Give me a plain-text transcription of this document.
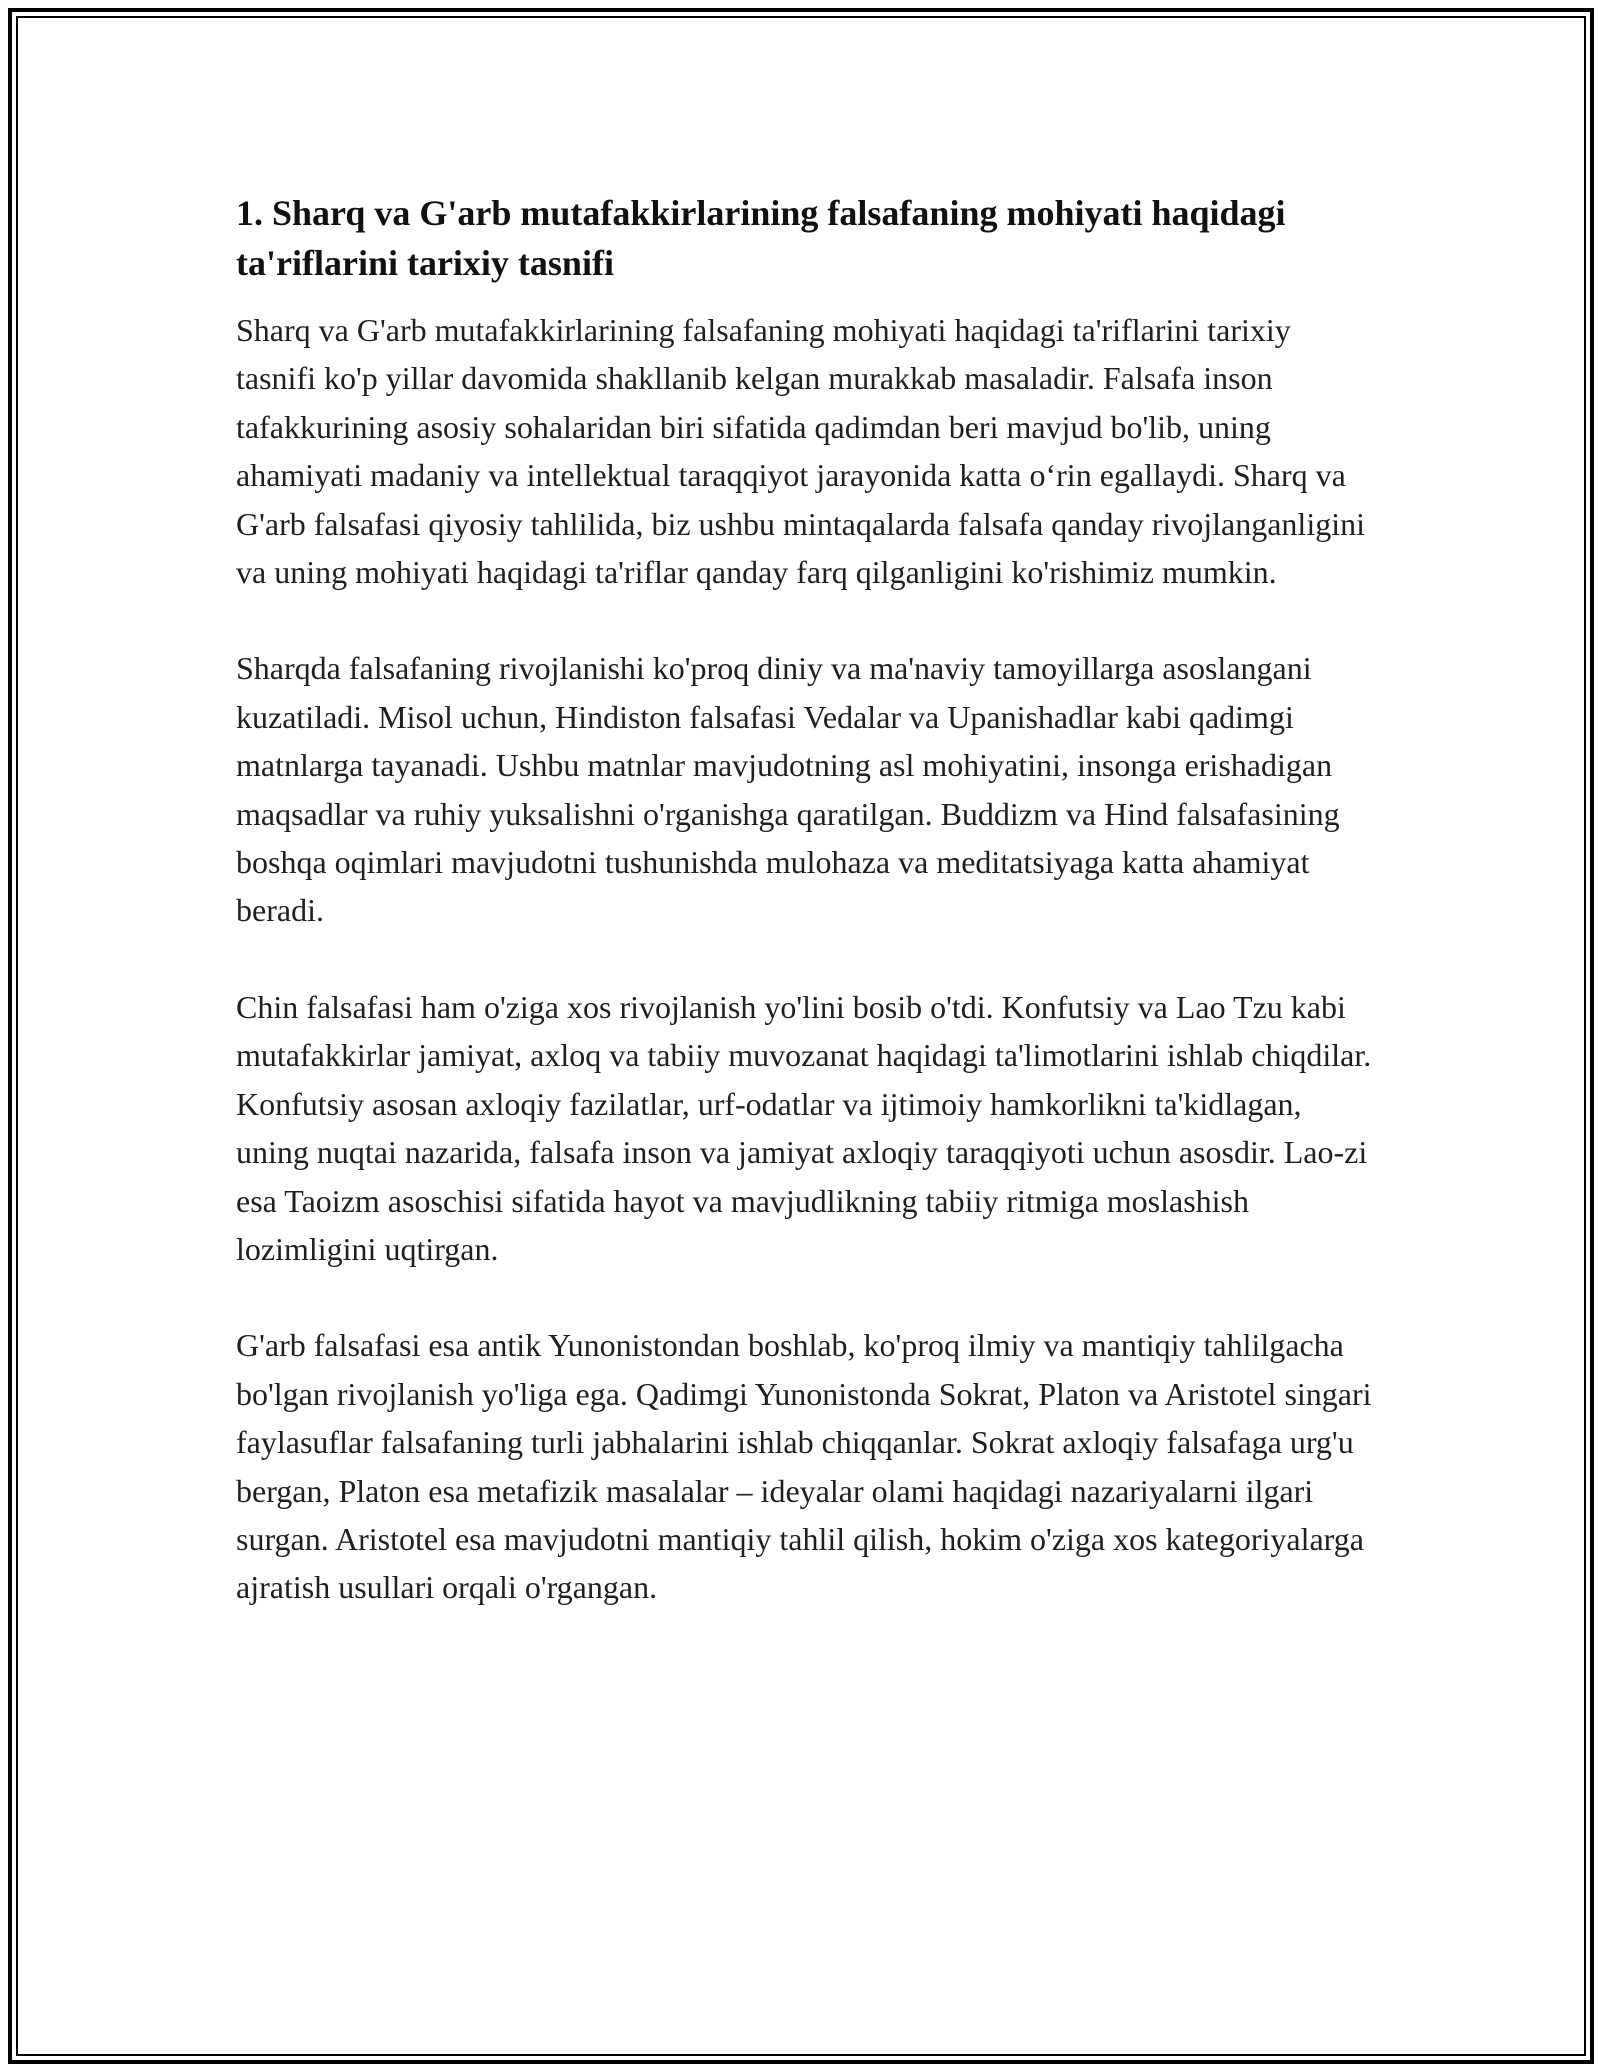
1. Sharq va G'arb mutafakkirlarining falsafaning mohiyati haqidagi ta'riflarini tarixiy tasnifi

Sharq va G'arb mutafakkirlarining falsafaning mohiyati haqidagi ta'riflarini tarixiy tasnifi ko'p yillar davomida shakllanib kelgan murakkab masaladir. Falsafa inson tafakkurining asosiy sohalaridan biri sifatida qadimdan beri mavjud bo'lib, uning ahamiyati madaniy va intellektual taraqqiyot jarayonida katta o‘rin egallaydi. Sharq va G'arb falsafasi qiyosiy tahlilida, biz ushbu mintaqalarda falsafa qanday rivojlanganligini va uning mohiyati haqidagi ta'riflar qanday farq qilganligini ko'rishimiz mumkin.

Sharqda falsafaning rivojlanishi ko'proq diniy va ma'naviy tamoyillarga asoslangani kuzatiladi. Misol uchun, Hindiston falsafasi Vedalar va Upanishadlar kabi qadimgi matnlarga tayanadi. Ushbu matnlar mavjudotning asl mohiyatini, insonga erishadigan maqsadlar va ruhiy yuksalishni o'rganishga qaratilgan. Buddizm va Hind falsafasining boshqa oqimlari mavjudotni tushunishda mulohaza va meditatsiyaga katta ahamiyat beradi.

Chin falsafasi ham o'ziga xos rivojlanish yo'lini bosib o'tdi. Konfutsiy va Lao Tzu kabi mutafakkirlar jamiyat, axloq va tabiiy muvozanat haqidagi ta'limotlarini ishlab chiqdilar. Konfutsiy asosan axloqiy fazilatlar, urf-odatlar va ijtimoiy hamkorlikni ta'kidlagan, uning nuqtai nazarida, falsafa inson va jamiyat axloqiy taraqqiyoti uchun asosdir. Lao-zi esa Taoizm asoschisi sifatida hayot va mavjudlikning tabiiy ritmiga moslashish lozimligini uqtirgan.

G'arb falsafasi esa antik Yunonistondan boshlab, ko'proq ilmiy va mantiqiy tahlilgacha bo'lgan rivojlanish yo'liga ega. Qadimgi Yunonistonda Sokrat, Platon va Aristotel singari faylasuflar falsafaning turli jabhalarini ishlab chiqqanlar. Sokrat axloqiy falsafaga urg'u bergan, Platon esa metafizik masalalar – ideyalar olami haqidagi nazariyalarni ilgari surgan. Aristotel esa mavjudotni mantiqiy tahlil qilish, hokim o'ziga xos kategoriyalarga ajratish usullari orqali o'rgangan.
